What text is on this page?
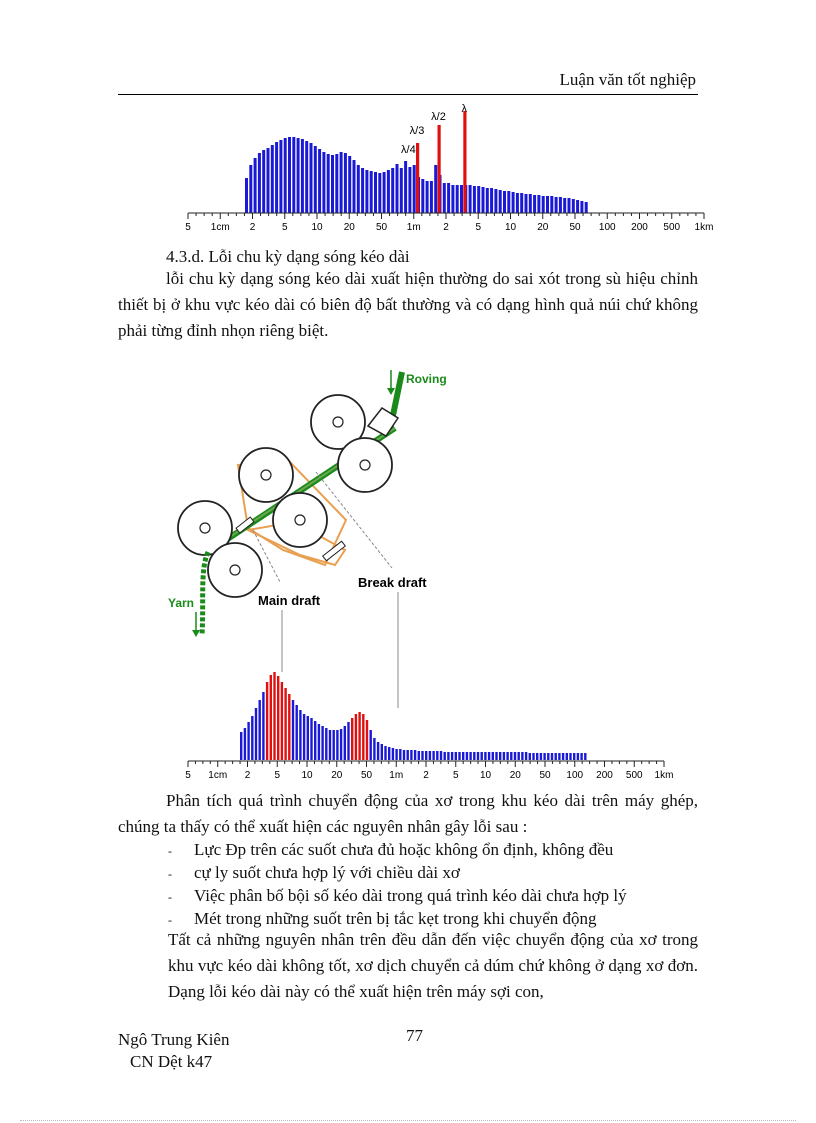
Luận văn tốt nghiệp
5 1cm 2	5 10 20 50 1m 2	5 10 20 50 100 200 500 1km
λ/4
λ/3
λ/2
λ
4.3.d. Lỗi chu kỳ dạng sóng kéo dài
lỗi chu kỳ dạng sóng kéo dài xuất hiện thường do sai xót trong sù hiệu chỉnh thiết bị ở khu vực kéo dài có biên độ bất thường và có dạng hình quả núi chứ không phải từng đỉnh nhọn riêng biệt.
Roving
Yarn	Main draft
Break draft
5 1cm 2 5 10 20 50 1m 2 5 10 20 50 100 200 500 1km
Phân tích quá trình chuyển động của xơ trong khu kéo dài trên máy ghép, chúng ta thấy có thể xuất hiện các nguyên nhân gây lỗi sau :
‐ Lực Đp trên các suốt chưa đủ hoặc không ổn định, không đều
‐ cự ly suốt chưa hợp lý với chiều dài xơ
‐ Việc phân bố bội số kéo dài trong quá trình kéo dài chưa hợp lý
‐ Mét trong những suốt trên bị tắc kẹt trong khi chuyển động
Tất cả những nguyên nhân trên đều dẫn đến việc chuyển động của xơ trong khu vực kéo dài không tốt, xơ dịch chuyển cả dúm chứ không ở dạng xơ đơn. Dạng lỗi kéo dài này có thể xuất hiện trên máy sợi con,
Ngô Trung Kiên
CN Dệt k47
77
